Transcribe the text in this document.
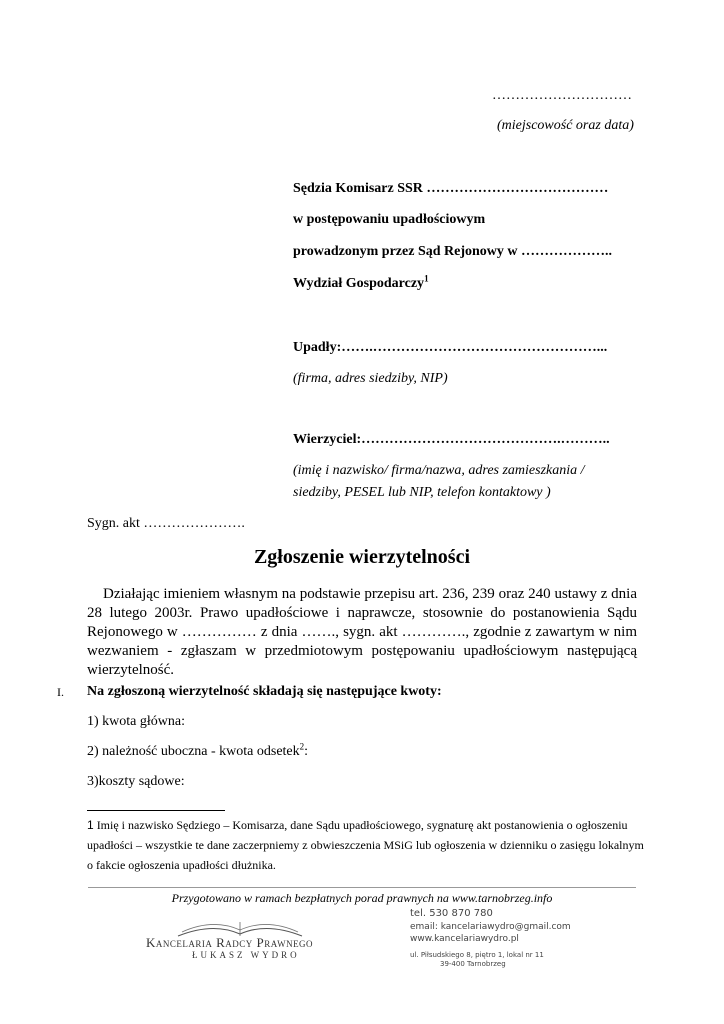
…………………………
(miejscowość oraz data)
Sędzia Komisarz SSR …………………………………
w postępowaniu upadłościowym
prowadzonym przez Sąd Rejonowy w ………………..
Wydział Gospodarczy$^1$
Upadły:…….…………………………………………...
(firma, adres siedziby, NIP)
Wierzyciel:…………………………………….………..
(imię i nazwisko/ firma/nazwa, adres zamieszkania /
siedziby, PESEL lub NIP, telefon kontaktowy )
Sygn. akt ………………….
Zgłoszenie wierzytelności

Działając imieniem własnym na podstawie przepisu art. 236, 239 oraz 240 ustawy z dnia 28 lutego 2003r. Prawo upadłościowe i naprawcze, stosownie do postanowienia Sądu Rejonowego w …………… z dnia ……., sygn. akt …………., zgodnie z zawartym w nim wezwaniem - zgłaszam w przedmiotowym postępowaniu upadłościowym następującą wierzytelność.

I. Na zgłoszoną wierzytelność składają się następujące kwoty:
1) kwota główna:
2) należność uboczna - kwota odsetek$^2$:
3)koszty sądowe:
1 Imię i nazwisko Sędziego – Komisarza, dane Sądu upadłościowego, sygnaturę akt postanowienia o ogłoszeniu upadłości – wszystkie te dane zaczerpniemy z obwieszczenia MSiG lub ogłoszenia w dzienniku o zasięgu lokalnym o fakcie ogłoszenia upadłości dłużnika.
Przygotowano w ramach bezpłatnych porad prawnych na www.tarnobrzeg.info
Kancelaria Radcy Prawnego
ŁUKASZ WYDRO
tel. 530 870 780
email: kancelariawydro@gmail.com
www.kancelariawydro.pl
ul. Piłsudskiego 8, piętro 1, lokal nr 11
39-400 Tarnobrzeg
